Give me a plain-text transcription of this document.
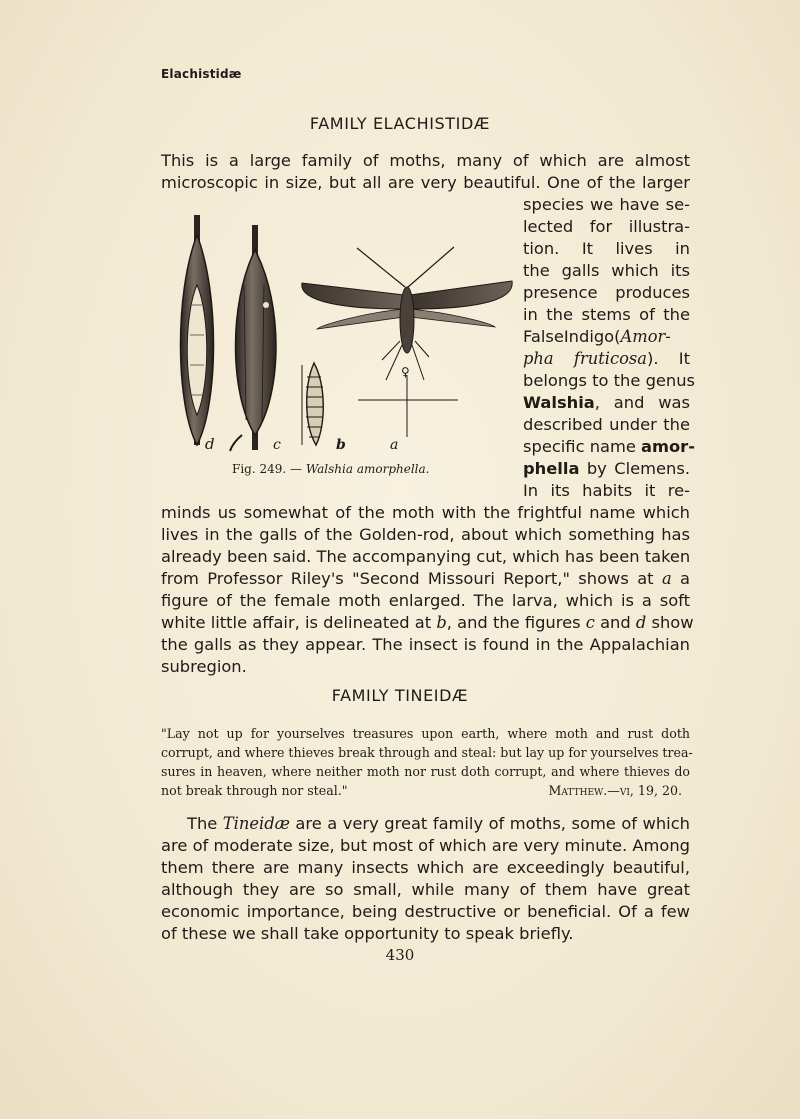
Elachistidæ
FAMILY ELACHISTIDÆ
This is a large family of moths, many of which are almost
microscopic in size, but all are very beautiful. One of the larger
species we have se-
lected for illustra-
tion. It lives in
the galls which its
presence produces
in the stems of the
FalseIndigo(Amor-
pha fruticosa). It
belongs to the genus
Walshia, and was
described under the
specific name amor-
phella by Clemens.
In its habits it re-
minds us somewhat of the moth with the frightful name which
lives in the galls of the Golden-rod, about which something has
already been said. The accompanying cut, which has been taken
from Professor Riley's "Second Missouri Report," shows at a a
figure of the female moth enlarged. The larva, which is a soft
white little affair, is delineated at b, and the figures c and d show
the galls as they appear. The insect is found in the Appalachian
subregion.
d	c	b	a
♀
Fig. 249. — Walshia amorphella.
FAMILY TINEIDÆ
"Lay not up for yourselves treasures upon earth, where moth and rust doth
corrupt, and where thieves break through and steal: but lay up for yourselves trea-
sures in heaven, where neither moth nor rust doth corrupt, and where thieves do
not break through nor steal."	Matthew.—vi, 19, 20.
The Tineidæ are a very great family of moths, some of which
are of moderate size, but most of which are very minute. Among
them there are many insects which are exceedingly beautiful,
although they are so small, while many of them have great
economic importance, being destructive or beneficial. Of a few
of these we shall take opportunity to speak briefly.
430
